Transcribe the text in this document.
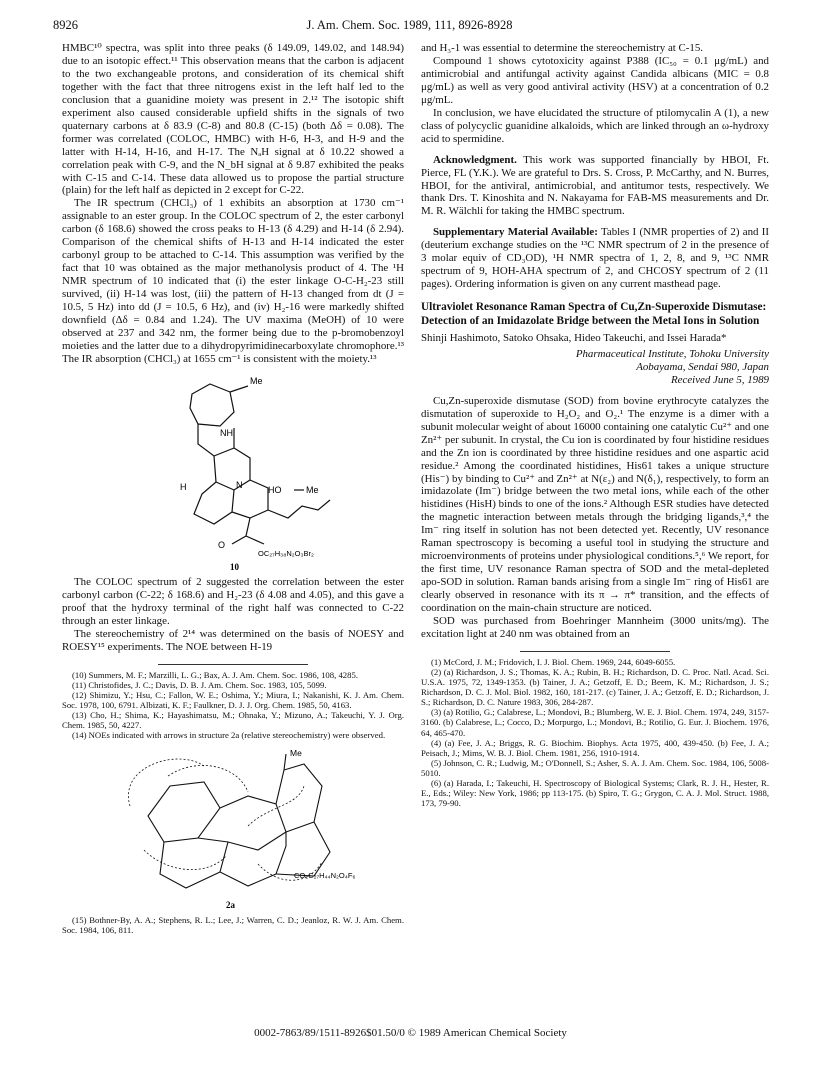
8926	J. Am. Chem. Soc. 1989, 111, 8926-8928

HMBC¹⁰ spectra, was split into three peaks (δ 149.09, 149.02, and 148.94) due to an isotopic effect.¹¹ This observation means that the carbon is adjacent to the two exchangeable protons, and consideration of its chemical shift together with the fact that three nitrogens exist in the left half led to the conclusion that a guanidine moiety was present in 2.¹² The isotopic shift experiment also caused considerable upfield shifts in the signals of two quaternary carbons at δ 83.9 (C-8) and 80.8 (C-15) (both Δδ = 0.08). The former was correlated (COLOC, HMBC) with H-6, H-3, and H-9 and the latter with H-14, H-16, and H-17. The NₐH signal at δ 10.22 showed a correlation peak with C-9, and the N_bH signal at δ 9.87 exhibited the peaks with C-15 and C-14. These data allowed us to propose the partial structure (plain) for the left half as depicted in 2 except for C-22.

The IR spectrum (CHCl₃) of 1 exhibits an absorption at 1730 cm⁻¹ assignable to an ester group. In the COLOC spectrum of 2, the ester carbonyl carbon (δ 168.6) showed the cross peaks to H-13 (δ 4.29) and H-14 (δ 2.94). Comparison of the chemical shifts of H-13 and H-14 indicated the ester carbonyl group to be attached to C-14. This assumption was verified by the fact that 10 was obtained as the major methanolysis product of 4. The ¹H NMR spectrum of 10 indicated that (i) the ester linkage O-C-H₂-23 still survived, (ii) H-14 was lost, (iii) the pattern of H-13 changed from dt (J = 10.5, 5 Hz) into dd (J = 10.5, 6 Hz), and (iv) H₂-16 were markedly shifted downfield (Δδ = 0.84 and 1.24). The UV maxima (MeOH) of 10 were observed at 237 and 342 nm, the former being due to the p-bromobenzoyl moieties and the latter due to a dihydropyrimidinecarboxylate chromophore.¹³ The IR absorption (CHCl₃) at 1655 cm⁻¹ is consistent with the moiety.¹³

Me
NH
H	N	HO	Me
O
OC₂₇H₃₈N₂O₃Br₂
10

The COLOC spectrum of 2 suggested the correlation between the ester carbonyl carbon (C-22; δ 168.6) and H₂-23 (δ 4.08 and 4.05), and this gave a proof that the hydroxy terminal of the right half was connected to C-22 through an ester linkage.

The stereochemistry of 2¹⁴ was determined on the basis of NOESY and ROESY¹⁵ experiments. The NOE between H-19

(10) Summers, M. F.; Marzilli, L. G.; Bax, A. J. Am. Chem. Soc. 1986, 108, 4285.
(11) Christofides, J. C.; Davis, D. B. J. Am. Chem. Soc. 1983, 105, 5099.
(12) Shimizu, Y.; Hsu, C.; Fallon, W. E.; Oshima, Y.; Miura, I.; Nakanishi, K. J. Am. Chem. Soc. 1978, 100, 6791. Albizati, K. F.; Faulkner, D. J. J. Org. Chem. 1985, 50, 4163.
(13) Cho, H.; Shima, K.; Hayashimatsu, M.; Ohnaka, Y.; Mizuno, A.; Takeuchi, Y. J. Org. Chem. 1985, 50, 4227.
(14) NOEs indicated with arrows in structure 2a (relative stereochemistry) were observed.
Me
CO₂C₂₇H₄₄N₂O₄F₆
2a
(15) Bothner-By, A. A.; Stephens, R. L.; Lee, J.; Warren, C. D.; Jeanloz, R. W. J. Am. Chem. Soc. 1984, 106, 811.

and H₃-1 was essential to determine the stereochemistry at C-15.

Compound 1 shows cytotoxicity against P388 (IC₅₀ = 0.1 μg/mL) and antimicrobial and antifungal activity against Candida albicans (MIC = 0.8 μg/mL) as well as very good antiviral activity (HSV) at a concentration of 0.2 μg/mL.

In conclusion, we have elucidated the structure of ptilomycalin A (1), a new class of polycyclic guanidine alkaloids, which are linked through an ω-hydroxy acid to spermidine.

Acknowledgment. This work was supported financially by HBOI, Ft. Pierce, FL (Y.K.). We are grateful to Drs. S. Cross, P. McCarthy, and N. Burres, HBOI, for the antiviral, antimicrobial, and antitumor tests, respectively. We thank Drs. T. Kinoshita and N. Nakayama for FAB-MS measurements and Dr. M. R. Wälchli for taking the HMBC spectrum.

Supplementary Material Available: Tables I (NMR properties of 2) and II (deuterium exchange studies on the ¹³C NMR spectrum of 2 in the presence of 3 molar equiv of CD₃OD), ¹H NMR spectra of 1, 2, 8, and 9, ¹³C NMR spectrum of 9, HOH-AHA spectrum of 2, and CHCOSY spectrum of 2 (11 pages). Ordering information is given on any current masthead page.

Ultraviolet Resonance Raman Spectra of Cu,Zn-Superoxide Dismutase: Detection of an Imidazolate Bridge between the Metal Ions in Solution

Shinji Hashimoto, Satoko Ohsaka, Hideo Takeuchi, and Issei Harada*

Pharmaceutical Institute, Tohoku University

Aobayama, Sendai 980, Japan

Received June 5, 1989

Cu,Zn-superoxide dismutase (SOD) from bovine erythrocyte catalyzes the dismutation of superoxide to H₂O₂ and O₂.¹ The enzyme is a dimer with a subunit molecular weight of about 16000 containing one catalytic Cu²⁺ and one Zn²⁺ per subunit. In crystal, the Cu ion is coordinated by four histidine residues and the Zn ion is coordinated by three histidine residues and one aspartic acid residue.² Among the coordinated histidines, His61 takes a unique structure (His⁻) by binding to Cu²⁺ and Zn²⁺ at N(ε₂) and N(δ₁), respectively, to form an imidazolate (Im⁻) bridge between the two metal ions, while each of the other histidines (HisH) binds to one of the ions.² Although ESR studies have detected the magnetic interaction between metals through the bridging ligands,³,⁴ the Im⁻ ring itself in solution has not been detected yet. Recently, UV resonance Raman spectroscopy is becoming a useful tool in studying the structure and microenvironments of proteins under physiological conditions.⁵,⁶ We report, for the first time, UV resonance Raman spectra of SOD and the metal-depleted apo-SOD in solution. Raman bands arising from a single Im⁻ ring of His61 are clearly observed in resonance with its π → π* transition, and the effects of coordination on the main-chain structure are noticed.

SOD was purchased from Boehringer Mannheim (3000 units/mg). The excitation light at 240 nm was obtained from an

(1) McCord, J. M.; Fridovich, I. J. Biol. Chem. 1969, 244, 6049-6055.
(2) (a) Richardson, J. S.; Thomas, K. A.; Rubin, B. H.; Richardson, D. C. Proc. Natl. Acad. Sci. U.S.A. 1975, 72, 1349-1353. (b) Tainer, J. A.; Getzoff, E. D.; Beem, K. M.; Richardson, J. S.; Richardson, D. C. J. Mol. Biol. 1982, 160, 181-217. (c) Tainer, J. A.; Getzoff, E. D.; Richardson, J. S.; Richardson, D. C. Nature 1983, 306, 284-287.
(3) (a) Rotilio, G.; Calabrese, L.; Mondovi, B.; Blumberg, W. E. J. Biol. Chem. 1974, 249, 3157-3160. (b) Calabrese, L.; Cocco, D.; Morpurgo, L.; Mondovi, B.; Rotilio, G. Eur. J. Biochem. 1976, 64, 465-470.
(4) (a) Fee, J. A.; Briggs, R. G. Biochim. Biophys. Acta 1975, 400, 439-450. (b) Fee, J. A.; Peisach, J.; Mims, W. B. J. Biol. Chem. 1981, 256, 1910-1914.
(5) Johnson, C. R.; Ludwig, M.; O'Donnell, S.; Asher, S. A. J. Am. Chem. Soc. 1984, 106, 5008-5010.
(6) (a) Harada, I.; Takeuchi, H. Spectroscopy of Biological Systems; Clark, R. J. H., Hester, R. E., Eds.; Wiley: New York, 1986; pp 113-175. (b) Spiro, T. G.; Grygon, C. A. J. Mol. Struct. 1988, 173, 79-90.
0002-7863/89/1511-8926$01.50/0 © 1989 American Chemical Society
